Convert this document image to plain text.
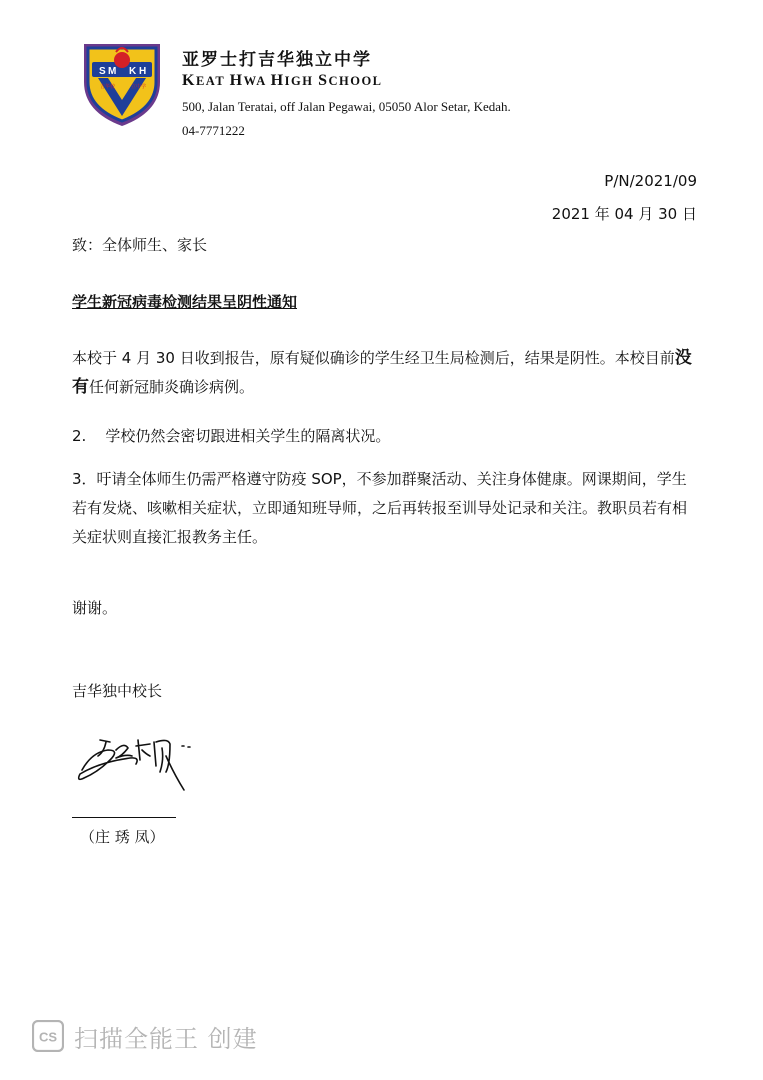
S M K H
吉华校	立中学
亚罗士打吉华独立中学
KEAT HWA HIGH SCHOOL
500, Jalan Teratai, off Jalan Pegawai, 05050 Alor Setar, Kedah.
04-7771222
P/N/2021/09
2021 年 04 月 30 日
致：全体师生、家长
学生新冠病毒检测结果呈阴性通知
本校于 4 月 30 日收到报告，原有疑似确诊的学生经卫生局检测后，结果是阴性。本校目前没有任何新冠肺炎确诊病例。
2.    学校仍然会密切跟进相关学生的隔离状况。
3．吁请全体师生仍需严格遵守防疫 SOP，不参加群聚活动、关注身体健康。网课期间，学生若有发烧、咳嗽相关症状，立即通知班导师，之后再转报至训导处记录和关注。教职员若有相关症状则直接汇报教务主任。
谢谢。
吉华独中校长
（庄 琇 凤）
CS 扫描全能王 创建
